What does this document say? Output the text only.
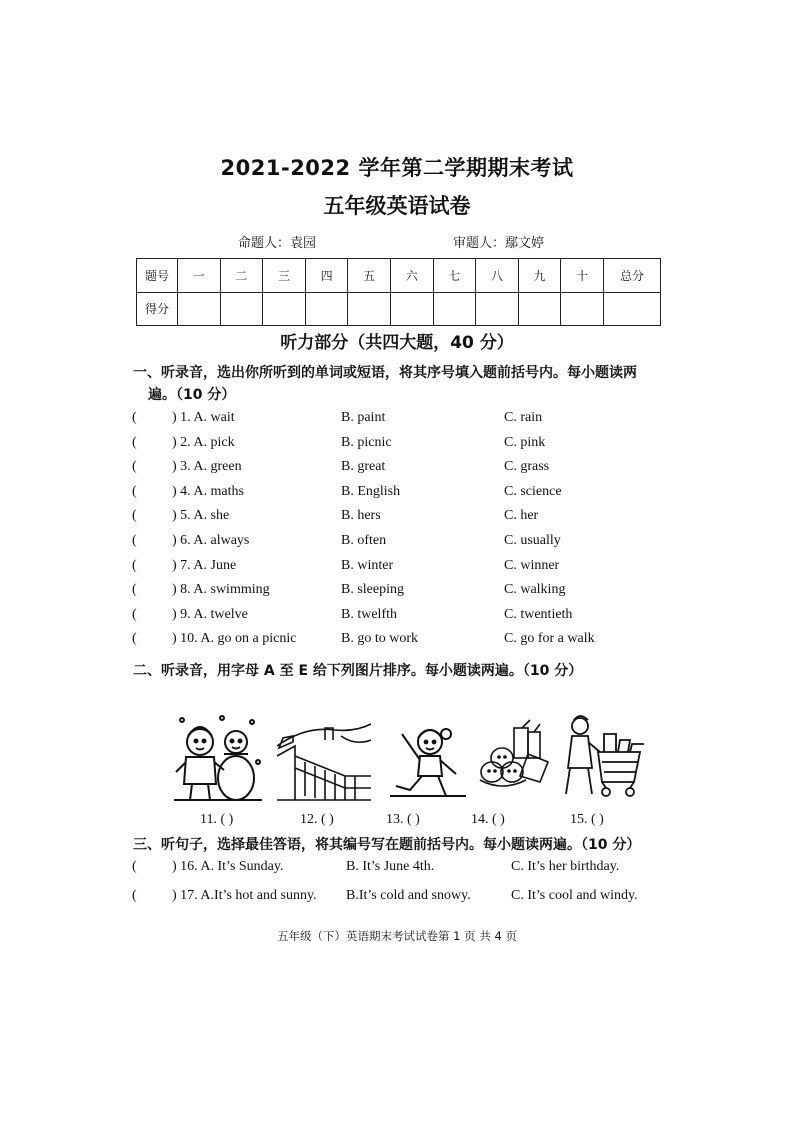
2021-2022 学年第二学期期末考试
五年级英语试卷
命题人：袁园	审题人：鄢文婷
题号	一	二	三	四	五	六	七	八	九	十	总分
得分											
听力部分（共四大题，40 分）
一、听录音，选出你所听到的单词或短语，将其序号填入题前括号内。每小题读两
遍。（10 分）
(	) 1. A. wait	B. paint	C. rain
(	) 2. A. pick	B. picnic	C. pink
(	) 3. A. green	B. great	C. grass
(	) 4. A. maths	B. English	C. science
(	) 5. A. she	B. hers	C. her
(	) 6. A. always	B. often	C. usually
(	) 7. A. June	B. winter	C. winner
(	) 8. A. swimming	B. sleeping	C. walking
(	) 9. A. twelve	B. twelfth	C. twentieth
(	) 10. A. go on a picnic	B. go to work	C. go for a walk
二、听录音，用字母 A 至 E 给下列图片排序。每小题读两遍。（10 分）
11. ( )	12. ( )	13. ( )	14. ( )	15. ( )
三、听句子，选择最佳答语，将其编号写在题前括号内。每小题读两遍。（10 分）
(	) 16. A. It’s Sunday.	B. It’s June 4th.	C. It’s her birthday.
(	) 17. A.It’s hot and sunny. B.It’s cold and snowy.	C. It’s cool and windy.
五年级（下）英语期末考试试卷第 1 页 共 4 页
